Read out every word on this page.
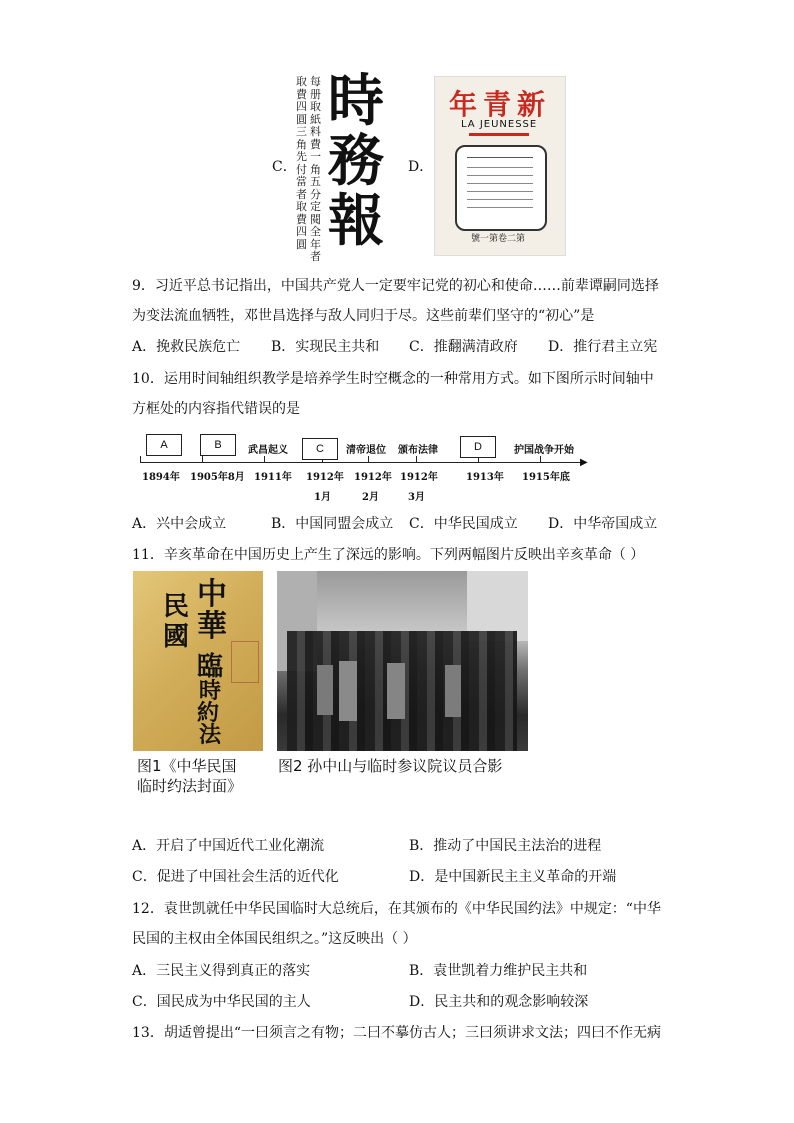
C．
取費四圓三角先付當者取費四圓
每册取紙料費一角五分定閱全年者
時
務
報
D．
年青新
LA JEUNESSE
號一第卷二第
9．习近平总书记指出，中国共产党人一定要牢记党的初心和使命……前辈谭嗣同选择
为变法流血牺牲，邓世昌选择与敌人同归于尽。这些前辈们坚守的“初心”是
A．挽救民族危亡 B．实现民主共和 C．推翻满清政府 D．推行君主立宪
10．运用时间轴组织教学是培养学生时空概念的一种常用方式。如下图所示时间轴中
方框处的内容指代错误的是
▶
A	B	C	D
武昌起义	清帝退位 颁布法律	护国战争开始
1894年 1905年8月 1911年 1912年 1912年 1912年	1913年 1915年底
1月	2月	3月
A．兴中会成立	B．中国同盟会成立 C．中华民国成立 D．中华帝国成立
11．辛亥革命在中国历史上产生了深远的影响。下列两幅图片反映出辛亥革命（ ）
中
華
民
國
臨
時
約
法
图1《中华民国
临时约法封面》
图2 孙中山与临时参议院议员合影
A．开启了中国近代工业化潮流	B．推动了中国民主法治的进程
C．促进了中国社会生活的近代化	D．是中国新民主主义革命的开端
12．袁世凯就任中华民国临时大总统后，在其颁布的《中华民国约法》中规定：“中华
民国的主权由全体国民组织之。”这反映出（ ）
A．三民主义得到真正的落实	B．袁世凯着力维护民主共和
C．国民成为中华民国的主人	D．民主共和的观念影响较深
13．胡适曾提出“一曰须言之有物；二曰不摹仿古人；三曰须讲求文法；四曰不作无病
